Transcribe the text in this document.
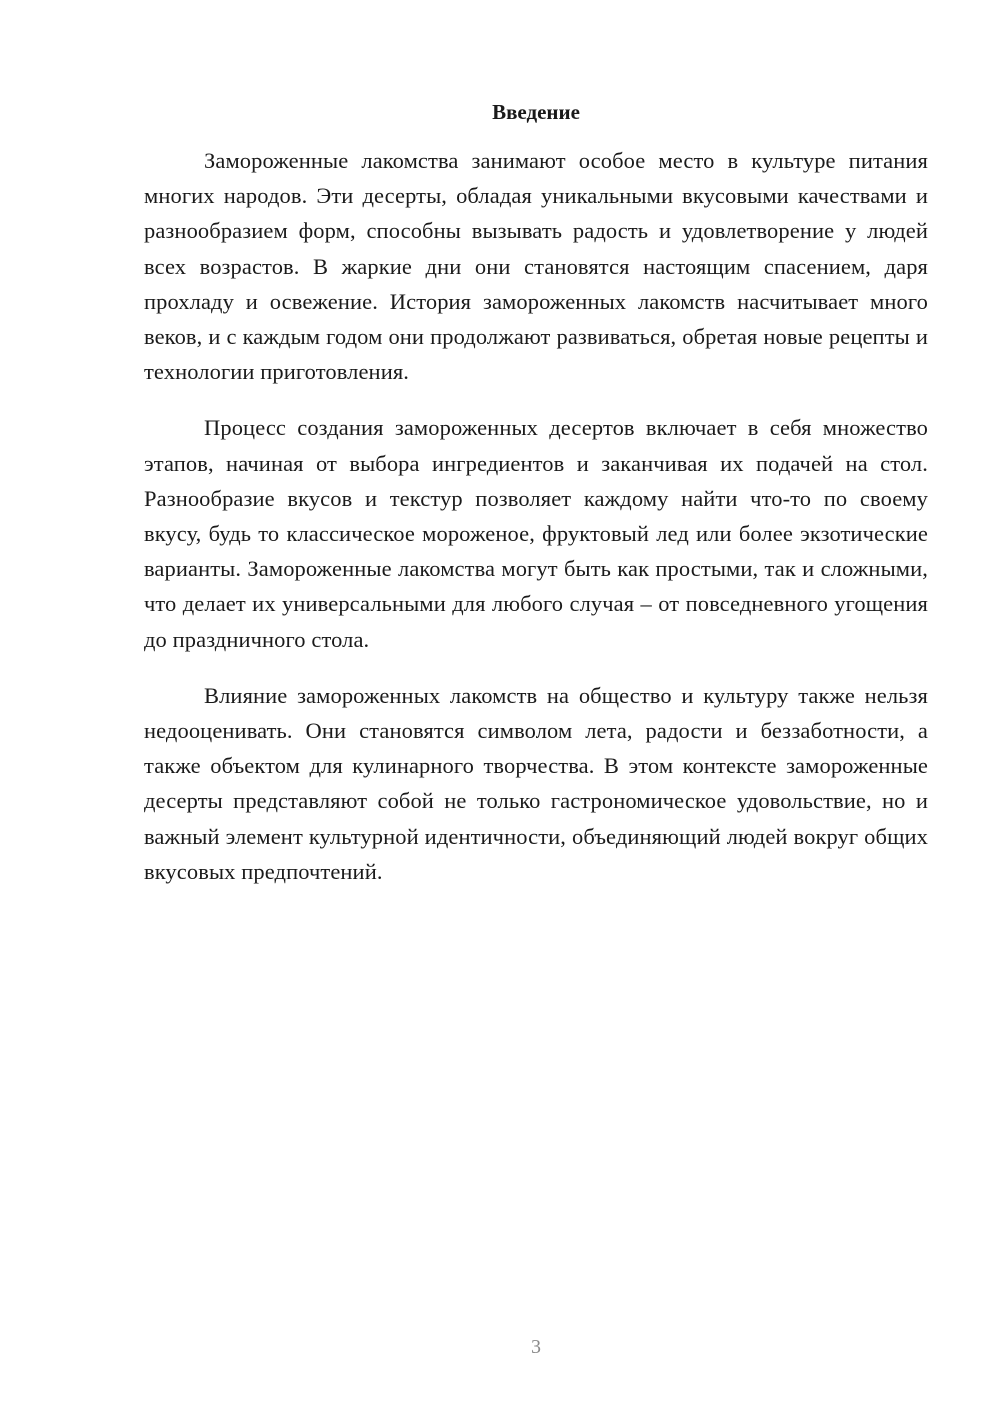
Введение

Замороженные лакомства занимают особое место в культуре питания многих народов. Эти десерты, обладая уникальными вкусовыми качествами и разнообразием форм, способны вызывать радость и удовлетворение у людей всех возрастов. В жаркие дни они становятся настоящим спасением, даря прохладу и освежение. История замороженных лакомств насчитывает много веков, и с каждым годом они продолжают развиваться, обретая новые рецепты и технологии приготовления.

Процесс создания замороженных десертов включает в себя множество этапов, начиная от выбора ингредиентов и заканчивая их подачей на стол. Разнообразие вкусов и текстур позволяет каждому найти что-то по своему вкусу, будь то классическое мороженое, фруктовый лед или более экзотические варианты. Замороженные лакомства могут быть как простыми, так и сложными, что делает их универсальными для любого случая – от повседневного угощения до праздничного стола.

Влияние замороженных лакомств на общество и культуру также нельзя недооценивать. Они становятся символом лета, радости и беззаботности, а также объектом для кулинарного творчества. В этом контексте замороженные десерты представляют собой не только гастрономическое удовольствие, но и важный элемент культурной идентичности, объединяющий людей вокруг общих вкусовых предпочтений.

3
